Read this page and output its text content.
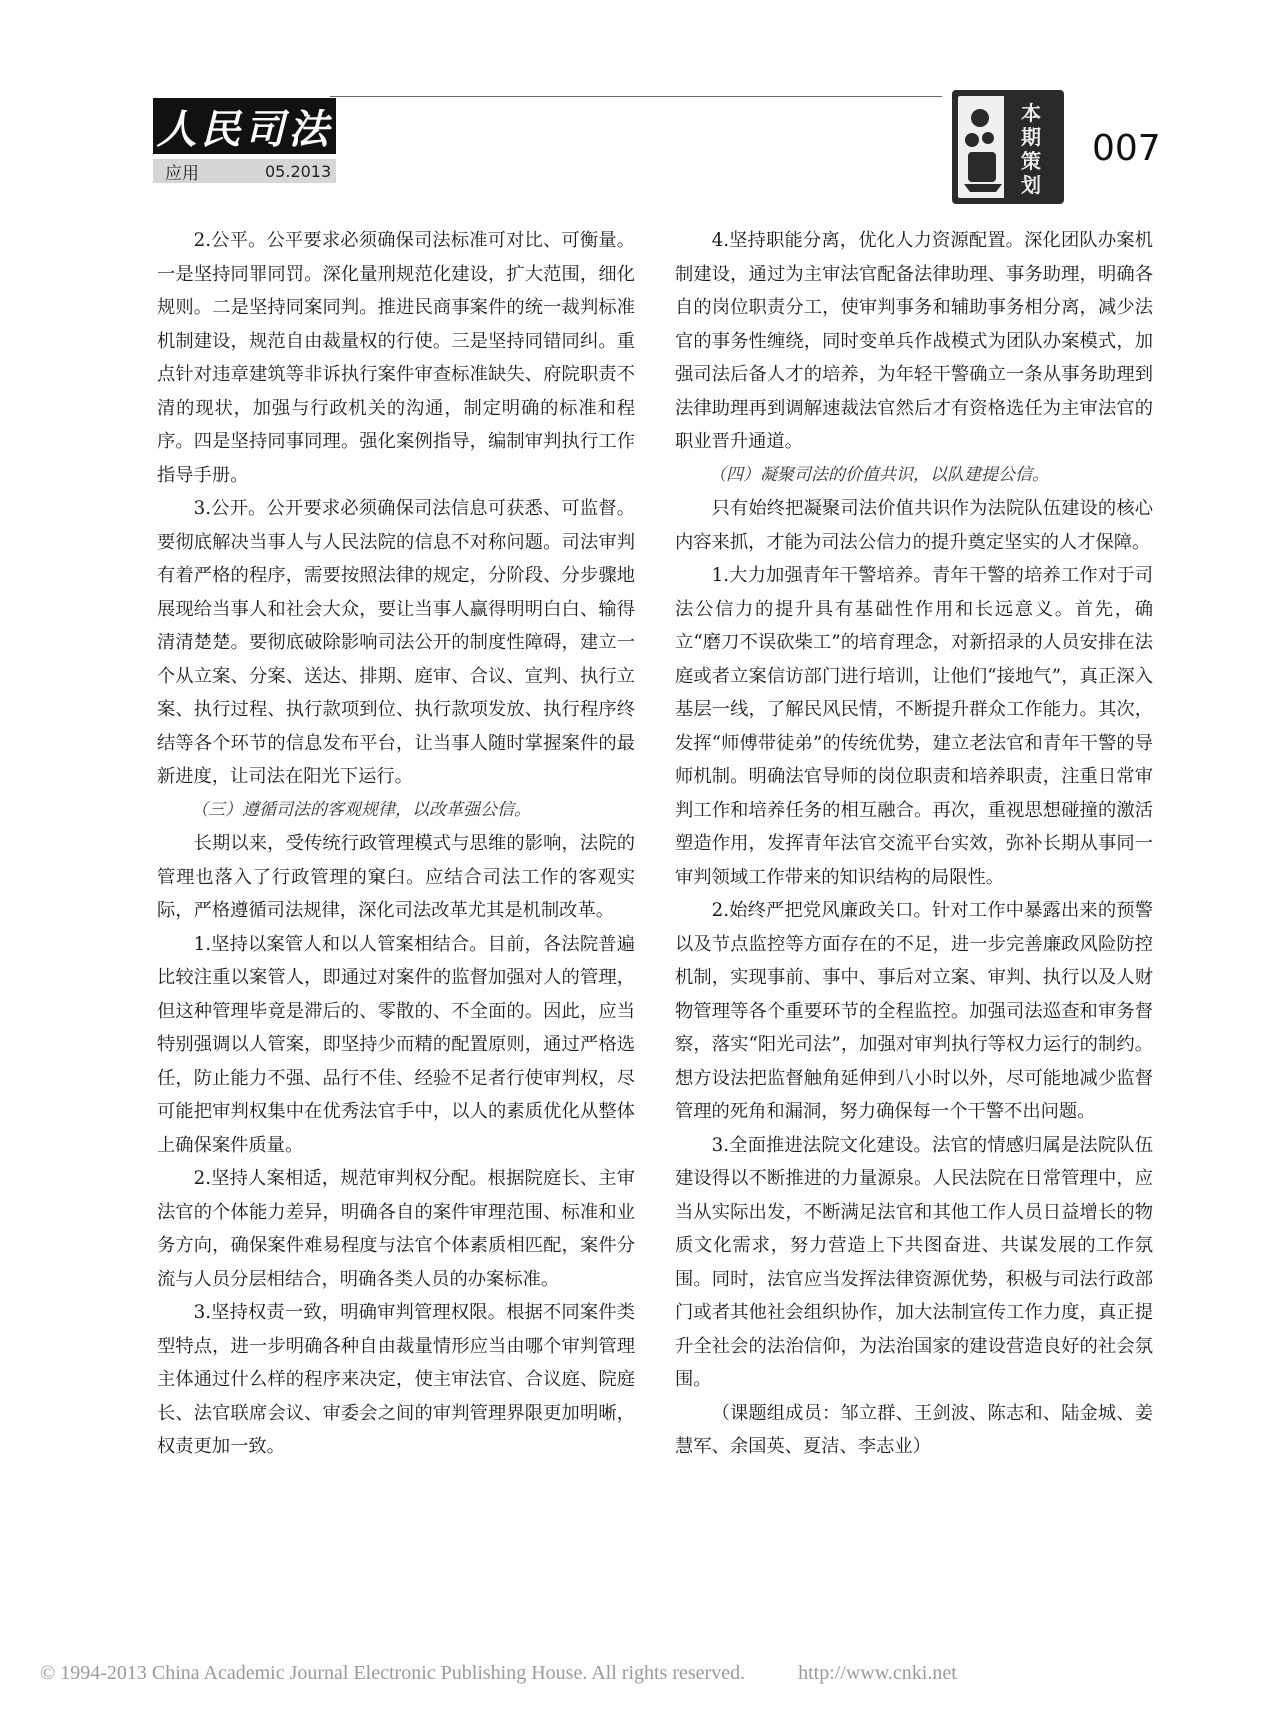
人民司法
应用	05.2013
本
期
策
划
007

2.公平。公平要求必须确保司法标准可对比、可衡量。一是坚持同罪同罚。深化量刑规范化建设，扩大范围，细化规则。二是坚持同案同判。推进民商事案件的统一裁判标准机制建设，规范自由裁量权的行使。三是坚持同错同纠。重点针对违章建筑等非诉执行案件审查标准缺失、府院职责不清的现状，加强与行政机关的沟通，制定明确的标准和程序。四是坚持同事同理。强化案例指导，编制审判执行工作指导手册。

3.公开。公开要求必须确保司法信息可获悉、可监督。要彻底解决当事人与人民法院的信息不对称问题。司法审判有着严格的程序，需要按照法律的规定，分阶段、分步骤地展现给当事人和社会大众，要让当事人赢得明明白白、输得清清楚楚。要彻底破除影响司法公开的制度性障碍，建立一个从立案、分案、送达、排期、庭审、合议、宣判、执行立案、执行过程、执行款项到位、执行款项发放、执行程序终结等各个环节的信息发布平台，让当事人随时掌握案件的最新进度，让司法在阳光下运行。

（三）遵循司法的客观规律，以改革强公信。

长期以来，受传统行政管理模式与思维的影响，法院的管理也落入了行政管理的窠臼。应结合司法工作的客观实际，严格遵循司法规律，深化司法改革尤其是机制改革。

1.坚持以案管人和以人管案相结合。目前，各法院普遍比较注重以案管人，即通过对案件的监督加强对人的管理，但这种管理毕竟是滞后的、零散的、不全面的。因此，应当特别强调以人管案，即坚持少而精的配置原则，通过严格选任，防止能力不强、品行不佳、经验不足者行使审判权，尽可能把审判权集中在优秀法官手中，以人的素质优化从整体上确保案件质量。

2.坚持人案相适，规范审判权分配。根据院庭长、主审法官的个体能力差异，明确各自的案件审理范围、标准和业务方向，确保案件难易程度与法官个体素质相匹配，案件分流与人员分层相结合，明确各类人员的办案标准。

3.坚持权责一致，明确审判管理权限。根据不同案件类型特点，进一步明确各种自由裁量情形应当由哪个审判管理主体通过什么样的程序来决定，使主审法官、合议庭、院庭长、法官联席会议、审委会之间的审判管理界限更加明晰，权责更加一致。

4.坚持职能分离，优化人力资源配置。深化团队办案机制建设，通过为主审法官配备法律助理、事务助理，明确各自的岗位职责分工，使审判事务和辅助事务相分离，减少法官的事务性缠绕，同时变单兵作战模式为团队办案模式，加强司法后备人才的培养，为年轻干警确立一条从事务助理到法律助理再到调解速裁法官然后才有资格选任为主审法官的职业晋升通道。

（四）凝聚司法的价值共识，以队建提公信。

只有始终把凝聚司法价值共识作为法院队伍建设的核心内容来抓，才能为司法公信力的提升奠定坚实的人才保障。

1.大力加强青年干警培养。青年干警的培养工作对于司法公信力的提升具有基础性作用和长远意义。首先，确立“磨刀不误砍柴工”的培育理念，对新招录的人员安排在法庭或者立案信访部门进行培训，让他们“接地气”，真正深入基层一线，了解民风民情，不断提升群众工作能力。其次，发挥“师傅带徒弟”的传统优势，建立老法官和青年干警的导师机制。明确法官导师的岗位职责和培养职责，注重日常审判工作和培养任务的相互融合。再次，重视思想碰撞的激活塑造作用，发挥青年法官交流平台实效，弥补长期从事同一审判领域工作带来的知识结构的局限性。

2.始终严把党风廉政关口。针对工作中暴露出来的预警以及节点监控等方面存在的不足，进一步完善廉政风险防控机制，实现事前、事中、事后对立案、审判、执行以及人财物管理等各个重要环节的全程监控。加强司法巡查和审务督察，落实“阳光司法”，加强对审判执行等权力运行的制约。想方设法把监督触角延伸到八小时以外，尽可能地减少监督管理的死角和漏洞，努力确保每一个干警不出问题。

3.全面推进法院文化建设。法官的情感归属是法院队伍建设得以不断推进的力量源泉。人民法院在日常管理中，应当从实际出发，不断满足法官和其他工作人员日益增长的物质文化需求，努力营造上下共图奋进、共谋发展的工作氛围。同时，法官应当发挥法律资源优势，积极与司法行政部门或者其他社会组织协作，加大法制宣传工作力度，真正提升全社会的法治信仰，为法治国家的建设营造良好的社会氛围。

（课题组成员：邹立群、王剑波、陈志和、陆金城、姜慧军、余国英、夏洁、李志业）

© 1994-2013 China Academic Journal Electronic Publishing House. All rights reserved.	http://www.cnki.net
